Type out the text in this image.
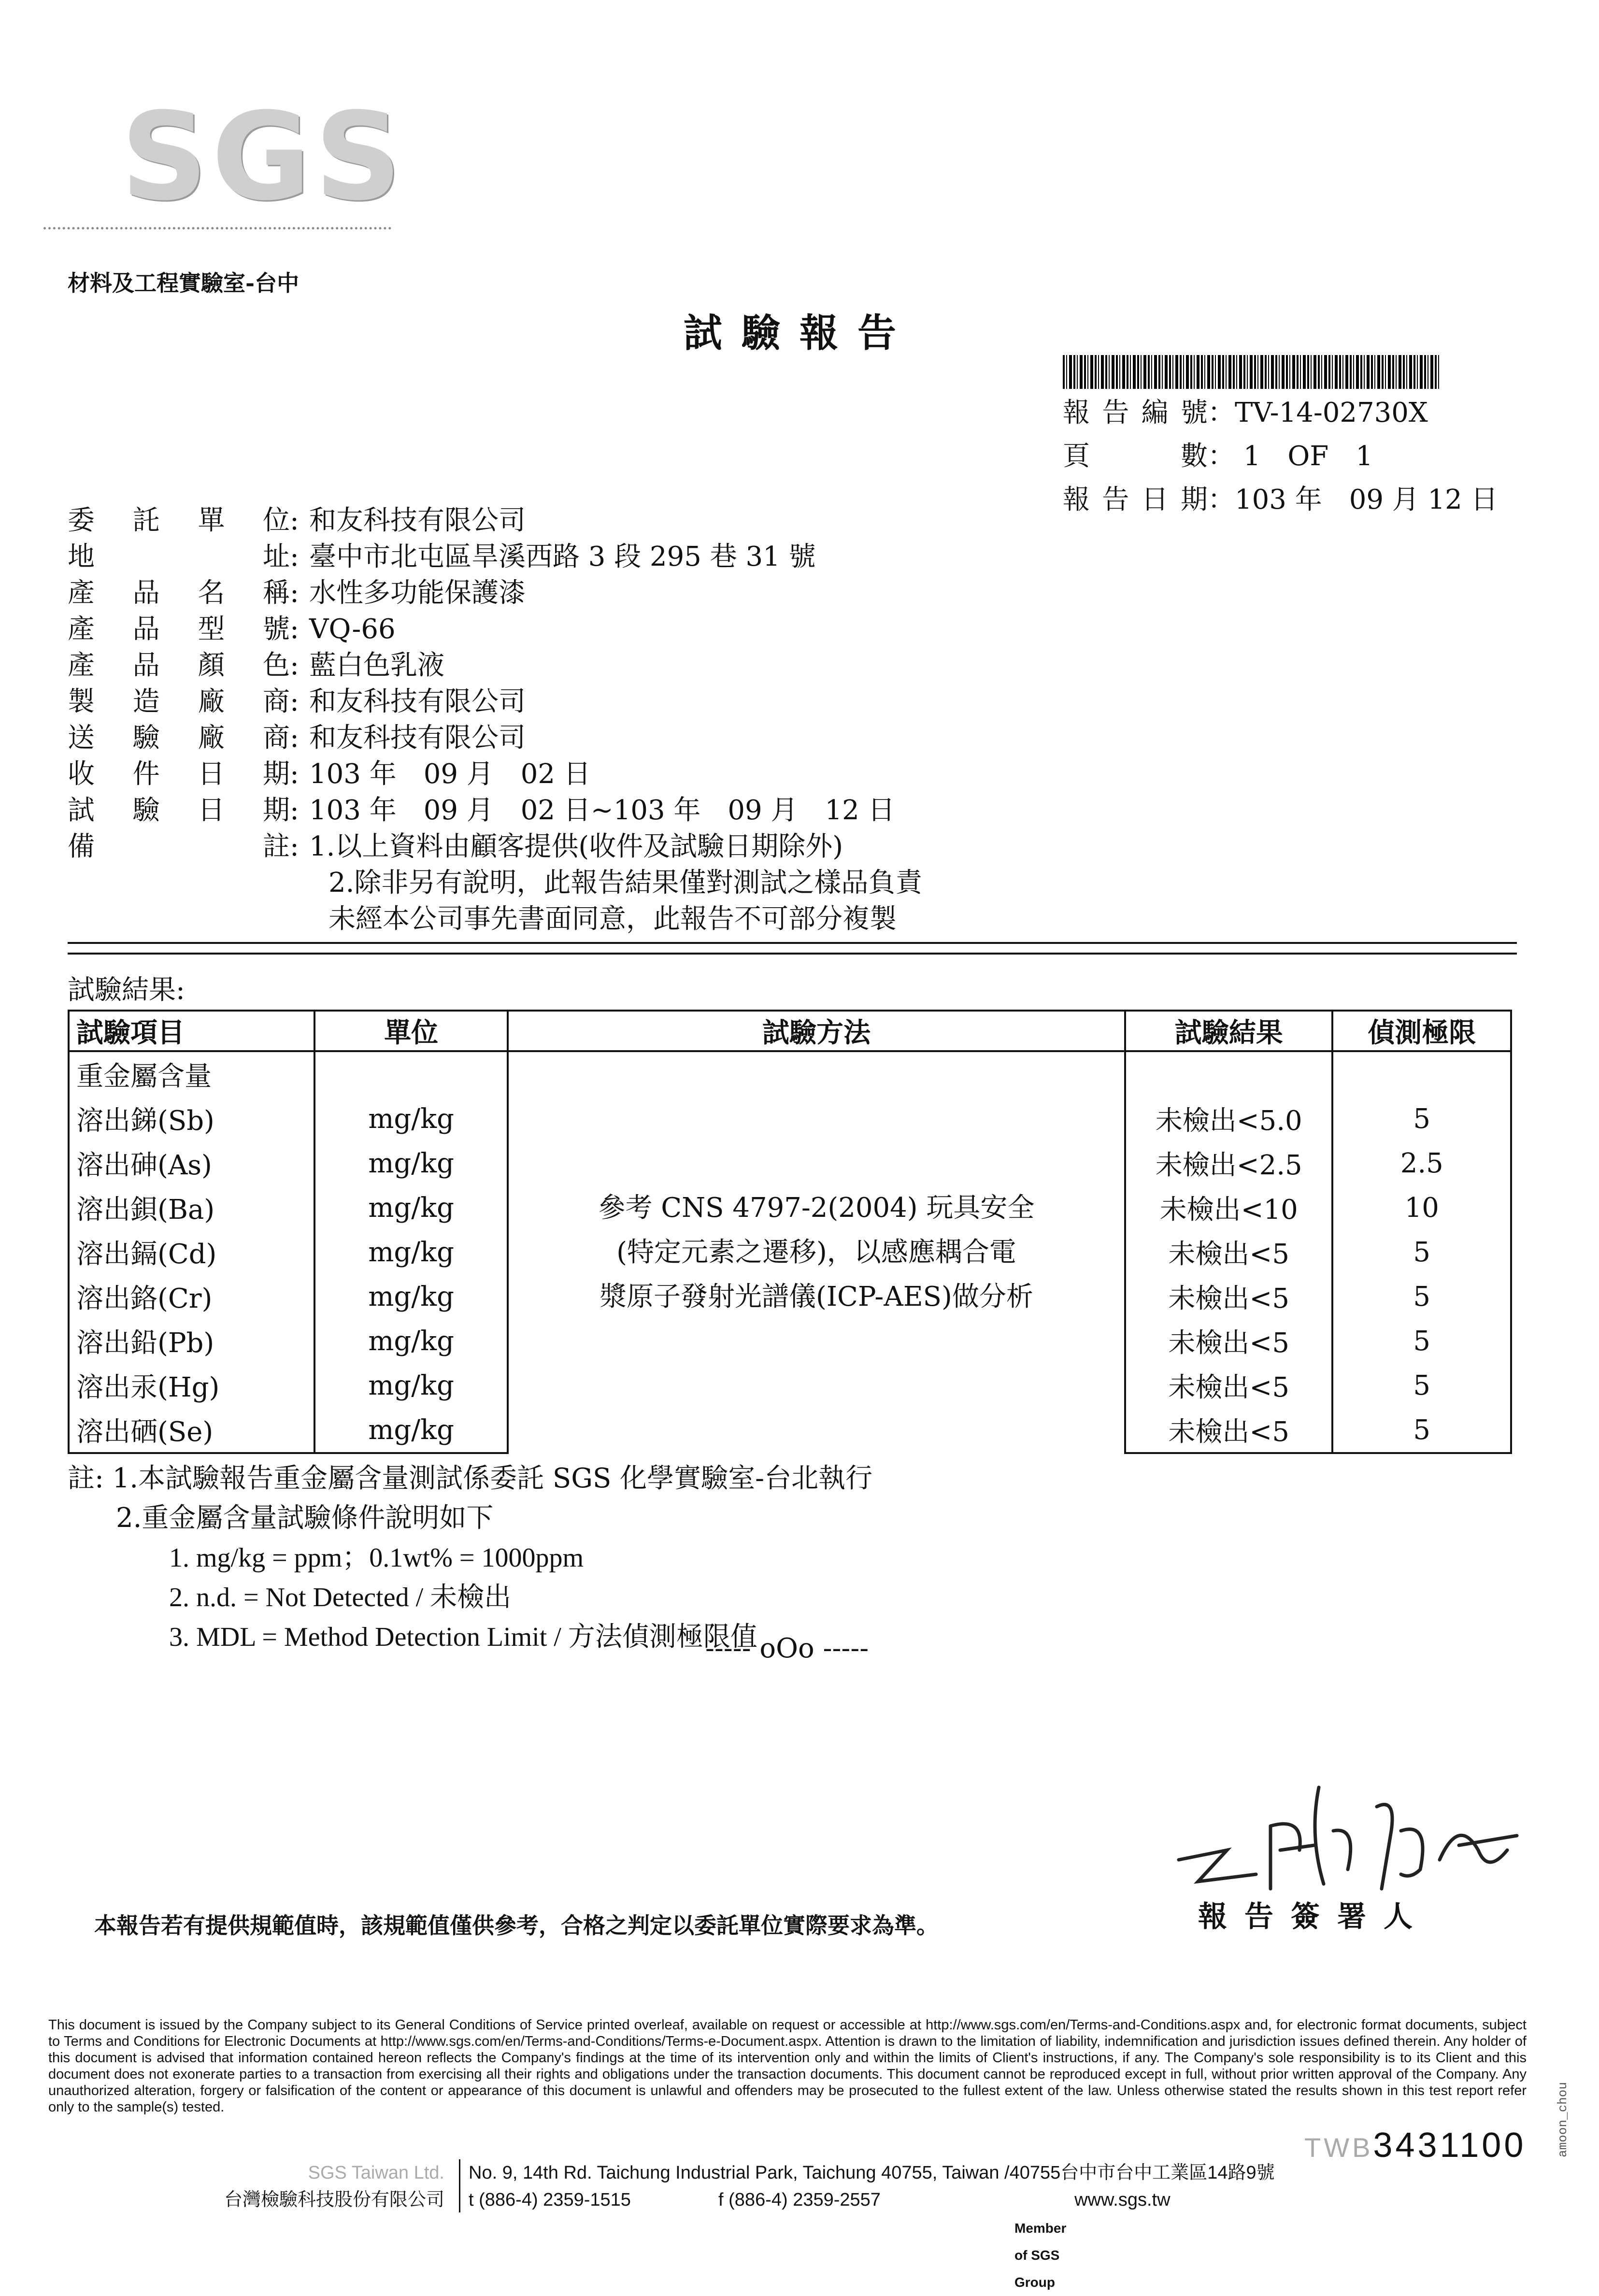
SGS
材料及工程實驗室-台中
試驗報告
報告編號：TV-14-02730X
頁　　數： 1　OF　1
報告日期：103 年　09 月 12 日
委託單位 : 和友科技有限公司
地址 : 臺中市北屯區旱溪西路 3 段 295 巷 31 號
產品名稱 : 水性多功能保護漆
產品型號 : VQ-66
產品顏色 : 藍白色乳液
製造廠商 : 和友科技有限公司
送驗廠商 : 和友科技有限公司
收件日期 : 103 年　09 月　02 日
試驗日期 : 103 年　09 月　02 日~103 年　09 月　12 日
備註 : 1.以上資料由顧客提供(收件及試驗日期除外)
2.除非另有說明，此報告結果僅對測試之樣品負責
未經本公司事先書面同意，此報告不可部分複製
試驗結果:
試驗項目	單位	試驗方法	試驗結果	偵測極限
重金屬含量		參考 CNS 4797-2(2004) 玩具安全
(特定元素之遷移)，以感應耦合電
漿原子發射光譜儀(ICP-AES)做分析		

溶出銻(Sb)	mg/kg		未檢出<5.0	5
溶出砷(As)	mg/kg		未檢出<2.5	2.5
溶出鋇(Ba)	mg/kg		未檢出<10	10
溶出鎘(Cd)	mg/kg		未檢出<5	5
溶出鉻(Cr)	mg/kg		未檢出<5	5
溶出鉛(Pb)	mg/kg		未檢出<5	5
溶出汞(Hg)	mg/kg		未檢出<5	5
溶出硒(Se)	mg/kg		未檢出<5	5
註: 1.本試驗報告重金屬含量測試係委託 SGS 化學實驗室-台北執行
2.重金屬含量試驗條件說明如下
1. mg/kg = ppm；0.1wt% = 1000ppm
2. n.d. = Not Detected / 未檢出
3. MDL = Method Detection Limit / 方法偵測極限值
----- oOo -----
報告簽署人
本報告若有提供規範值時，該規範值僅供參考，合格之判定以委託單位實際要求為準。
This document is issued by the Company subject to its General Conditions of Service printed overleaf, available on request or accessible at http://www.sgs.com/en/Terms-and-Conditions.aspx and, for electronic format documents, subject to Terms and Conditions for Electronic Documents at http://www.sgs.com/en/Terms-and-Conditions/Terms-e-Document.aspx. Attention is drawn to the limitation of liability, indemnification and jurisdiction issues defined therein. Any holder of this document is advised that information contained hereon reflects the Company's findings at the time of its intervention only and within the limits of Client's instructions, if any. The Company's sole responsibility is to its Client and this document does not exonerate parties to a transaction from exercising all their rights and obligations under the transaction documents. This document cannot be reproduced except in full, without prior written approval of the Company. Any unauthorized alteration, forgery or falsification of the content or appearance of this document is unlawful and offenders may be prosecuted to the fullest extent of the law. Unless otherwise stated the results shown in this test report refer only to the sample(s) tested.
TWB3431100
SGS Taiwan Ltd.
台灣檢驗科技股份有限公司
No. 9, 14th Rd. Taichung Industrial Park, Taichung 40755, Taiwan /40755台中市台中工業區14路9號
t (886-4) 2359-1515	f (886-4) 2359-2557	www.sgs.tw
Member of SGS Group
amoon_chou
